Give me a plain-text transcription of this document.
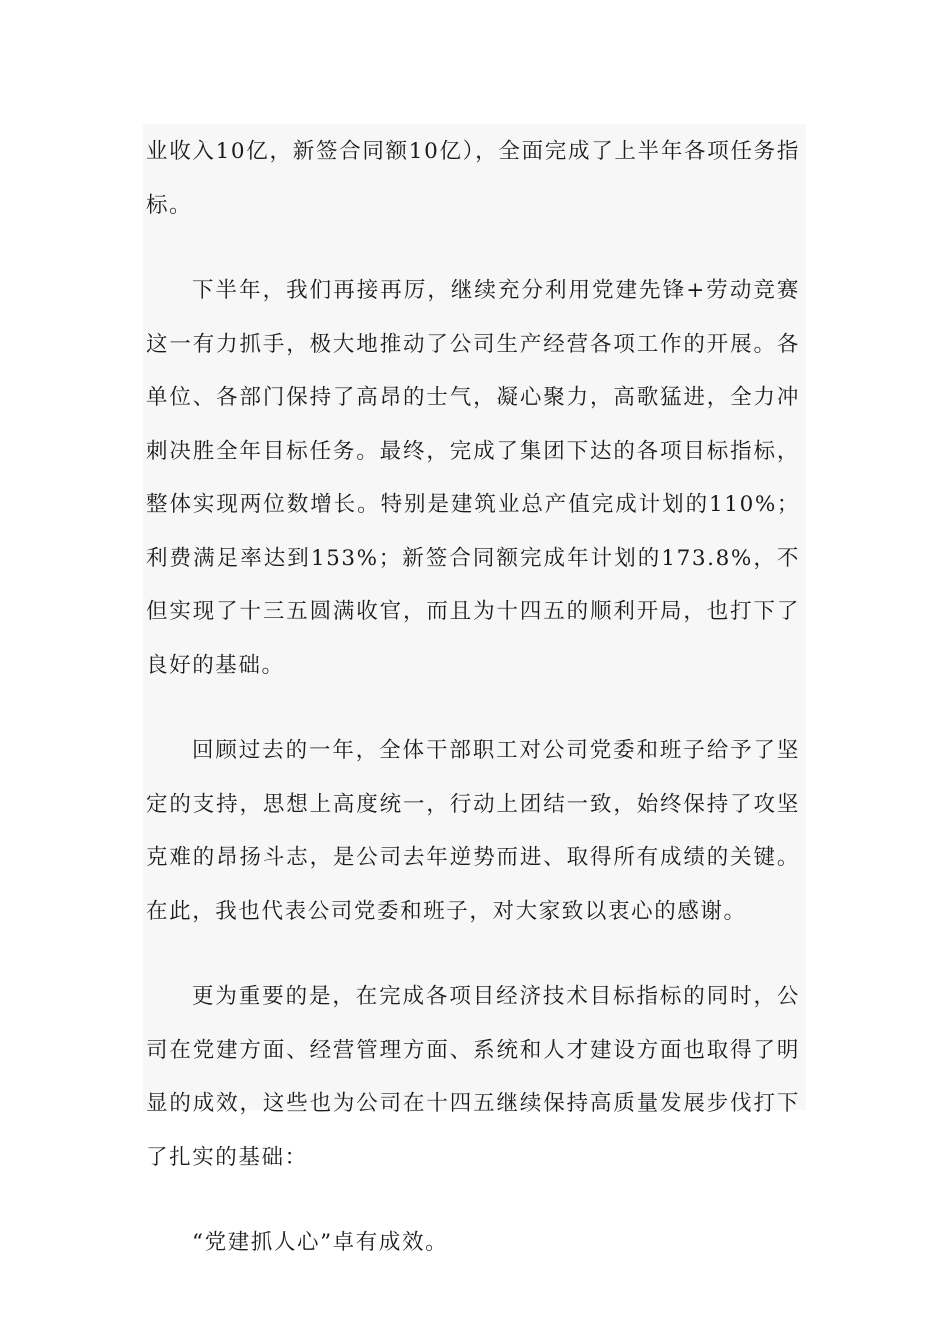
业收入10亿，新签合同额10亿），全面完成了上半年各项任务指标。

下半年，我们再接再厉，继续充分利用党建先锋+劳动竞赛这一有力抓手，极大地推动了公司生产经营各项工作的开展。各单位、各部门保持了高昂的士气，凝心聚力，高歌猛进，全力冲刺决胜全年目标任务。最终，完成了集团下达的各项目标指标，整体实现两位数增长。特别是建筑业总产值完成计划的110%；利费满足率达到153%；新签合同额完成年计划的173.8%，不但实现了十三五圆满收官，而且为十四五的顺利开局，也打下了良好的基础。

回顾过去的一年，全体干部职工对公司党委和班子给予了坚定的支持，思想上高度统一，行动上团结一致，始终保持了攻坚克难的昂扬斗志，是公司去年逆势而进、取得所有成绩的关键。在此，我也代表公司党委和班子，对大家致以衷心的感谢。

更为重要的是，在完成各项目经济技术目标指标的同时，公司在党建方面、经营管理方面、系统和人才建设方面也取得了明显的成效，这些也为公司在十四五继续保持高质量发展步伐打下了扎实的基础：

“党建抓人心”卓有成效。
